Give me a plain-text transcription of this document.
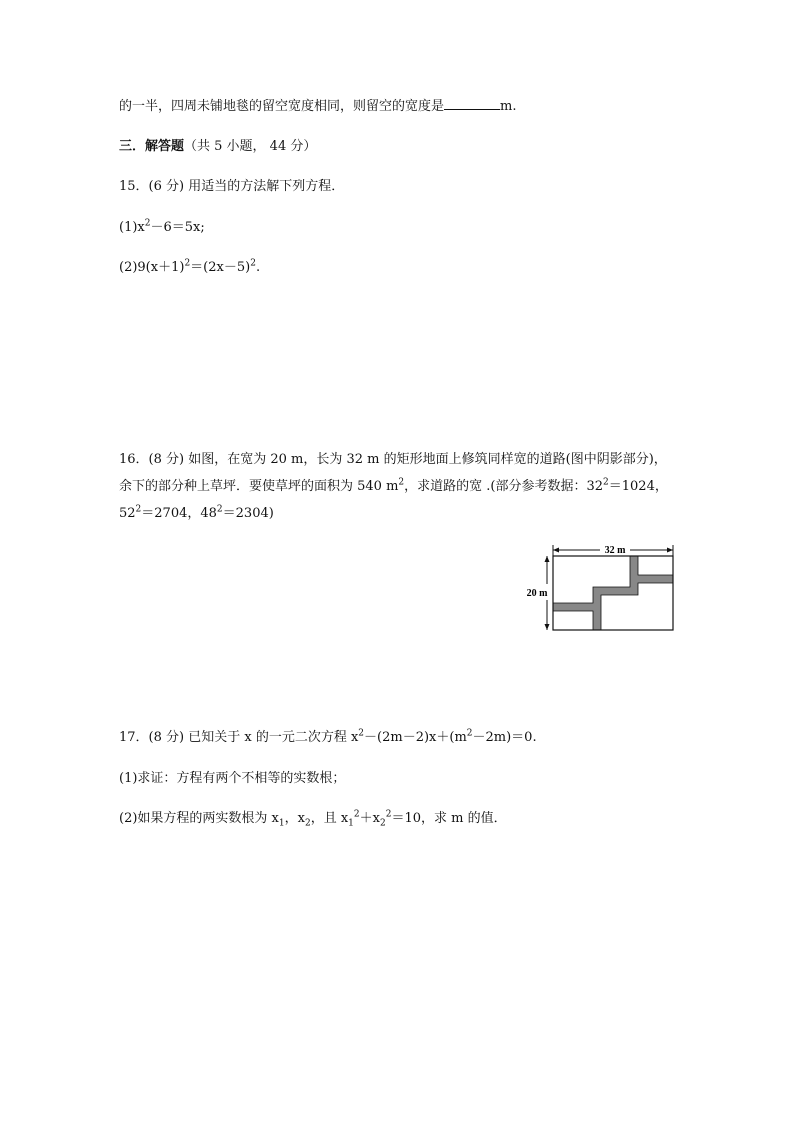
的一半，四周未铺地毯的留空宽度相同，则留空的宽度是	m.
三．解答题（共 5 小题， 44 分）
15．(6 分) 用适当的方法解下列方程．
$(1)x^2-6=5x$;
$(2)9(x+1)^2=(2x-5)^2$.
16．(8 分) 如图，在宽为 20 m，长为 32 m 的矩形地面上修筑同样宽的道路(图中阴影部分)，
余下的部分种上草坪．要使草坪的面积为 540 $m^2$，求道路的宽 .(部分参考数据：$32^2=1024$，
$52^2=2704$，$48^2=2304$)
32 m
20 m
17．(8 分) 已知关于 x 的一元二次方程 $x^2-(2m-2)x+(m^2-2m)=0$.
(1)求证：方程有两个不相等的实数根；
(2)如果方程的两实数根为 $x_1$，$x_2$，且 $x_1^2+x_2^2=10$，求 m 的值．
